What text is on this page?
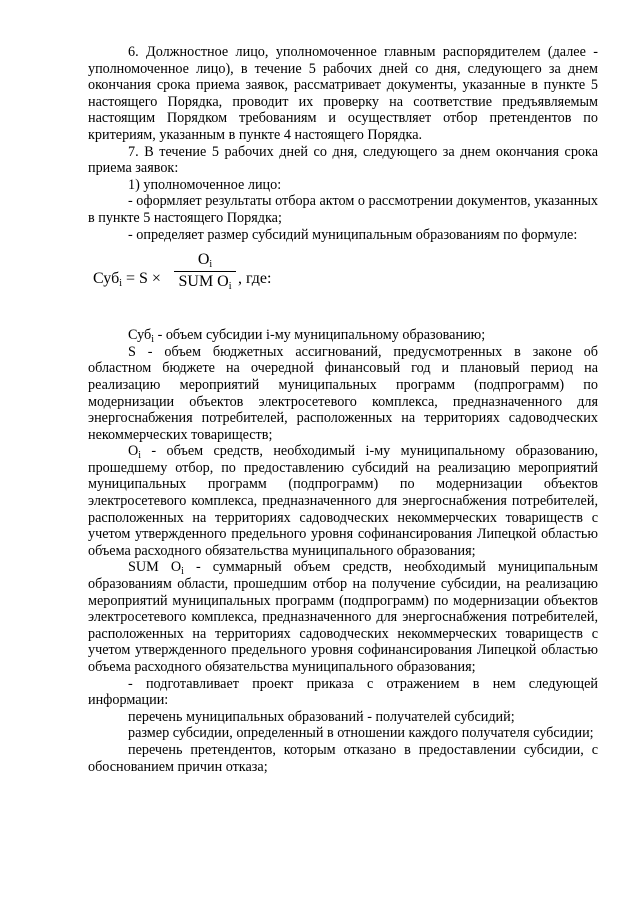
6. Должностное лицо, уполномоченное главным распорядителем (далее - уполномоченное лицо), в течение 5 рабочих дней со дня, следующего за днем окончания срока приема заявок, рассматривает документы, указанные в пункте 5 настоящего Порядка, проводит их проверку на соответствие предъявляемым настоящим Порядком требованиям и осуществляет отбор претендентов по критериям, указанным в пункте 4 настоящего Порядка.

7. В течение 5 рабочих дней со дня, следующего за днем окончания срока приема заявок:

1) уполномоченное лицо:

- оформляет результаты отбора актом о рассмотрении документов, указанных в пункте 5 настоящего Порядка;

- определяет размер субсидий муниципальным образованиям по формуле:

Суб$_i$ = S ×
$O_i$
SUM $O_i$ , где:

Суб$_i$ - объем субсидии i-му муниципальному образованию;

S - объем бюджетных ассигнований, предусмотренных в законе об областном бюджете на очередной финансовый год и плановый период на реализацию мероприятий муниципальных программ (подпрограмм) по модернизации объектов электросетевого комплекса, предназначенного для энергоснабжения потребителей, расположенных на территориях садоводческих некоммерческих товариществ;

$O_i$ - объем средств, необходимый i-му муниципальному образованию, прошедшему отбор, по предоставлению субсидий на реализацию мероприятий муниципальных программ (подпрограмм) по модернизации объектов электросетевого комплекса, предназначенного для энергоснабжения потребителей, расположенных на территориях садоводческих некоммерческих товариществ с учетом утвержденного предельного уровня софинансирования Липецкой областью объема расходного обязательства муниципального образования;

SUM $O_i$ - суммарный объем средств, необходимый муниципальным образованиям области, прошедшим отбор на получение субсидии, на реализацию мероприятий муниципальных программ (подпрограмм) по модернизации объектов электросетевого комплекса, предназначенного для энергоснабжения потребителей, расположенных на территориях садоводческих некоммерческих товариществ с учетом утвержденного предельного уровня софинансирования Липецкой областью объема расходного обязательства муниципального образования;

- подготавливает проект приказа с отражением в нем следующей информации:

перечень муниципальных образований - получателей субсидий;

размер субсидии, определенный в отношении каждого получателя субсидии;

перечень претендентов, которым отказано в предоставлении субсидии, с обоснованием причин отказа;
